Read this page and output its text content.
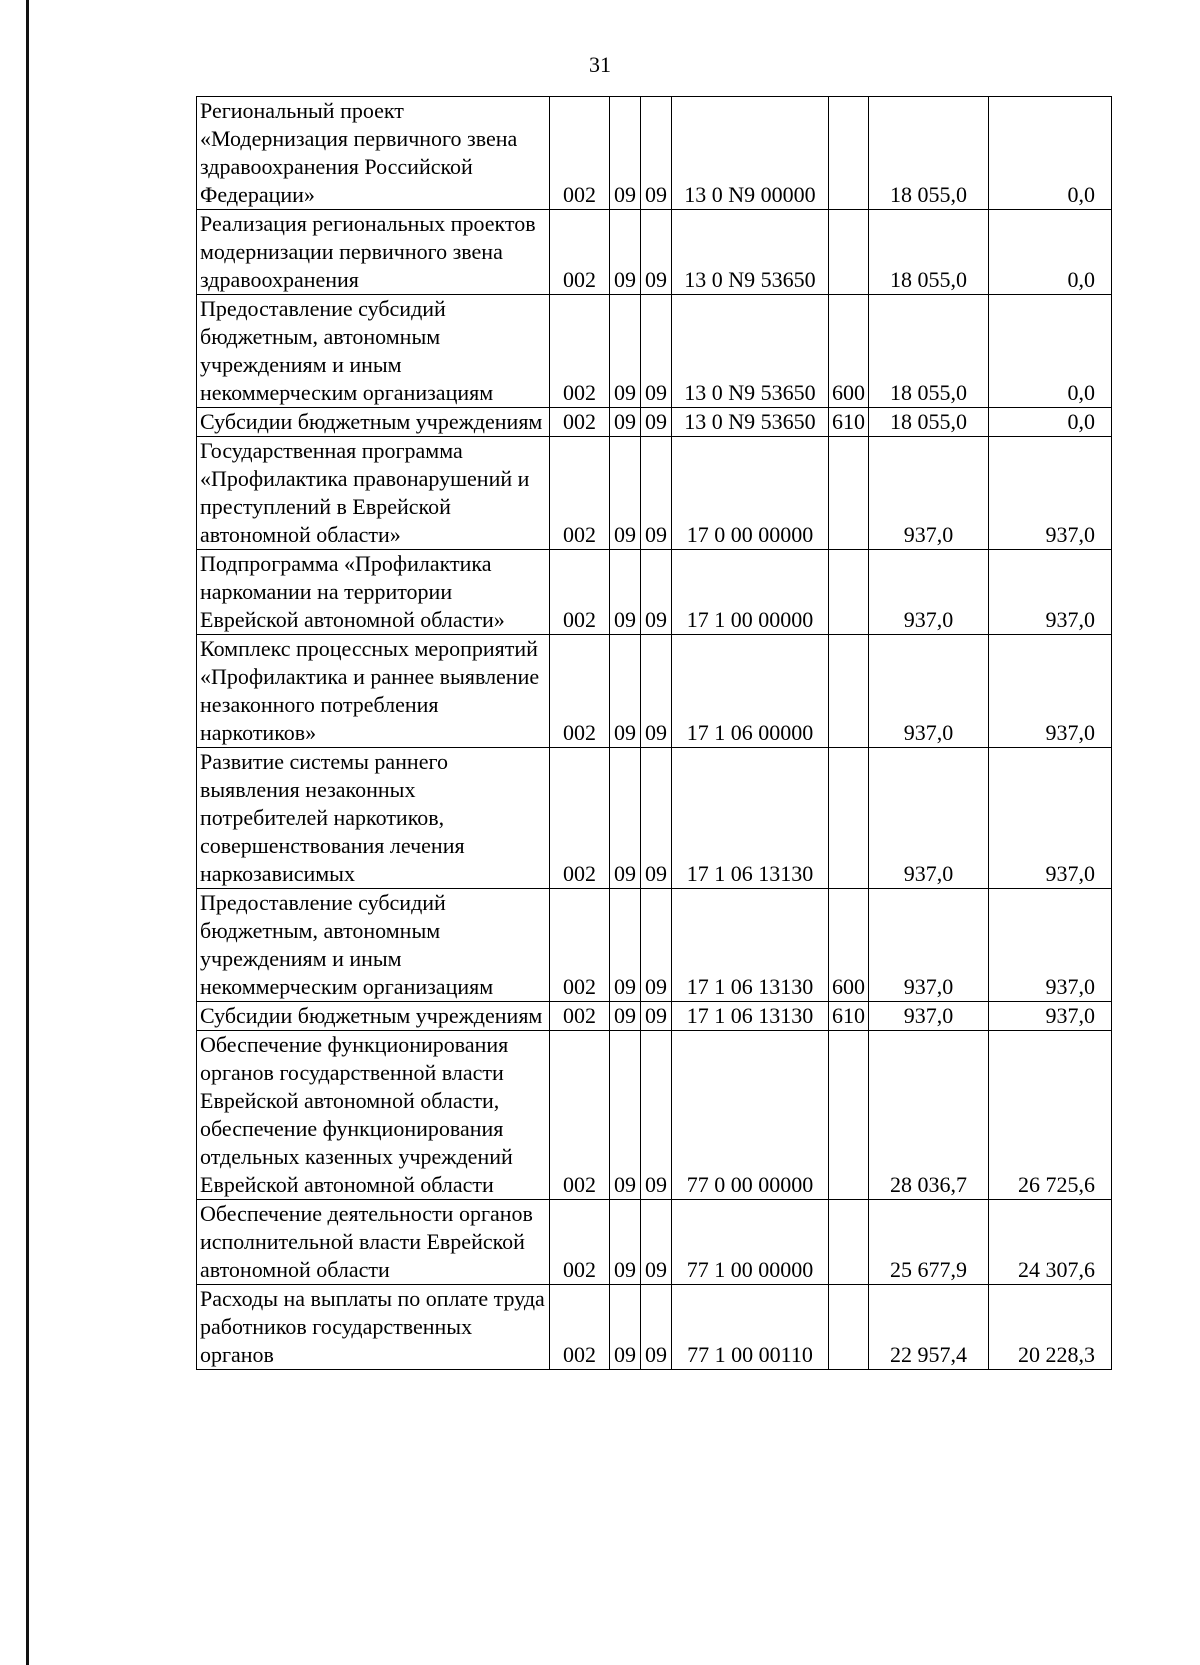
31
Региональный проект «Модернизация первичного звена здравоохранения Российской Федерации»	002	09	09	13 0 N9 00000		18 055,0	0,0
Реализация региональных проектов модернизации первичного звена здравоохранения	002	09	09	13 0 N9 53650		18 055,0	0,0
Предоставление субсидий бюджетным, автономным учреждениям и иным некоммерческим организациям	002	09	09	13 0 N9 53650	600	18 055,0	0,0
Субсидии бюджетным учреждениям	002	09	09	13 0 N9 53650	610	18 055,0	0,0
Государственная программа «Профилактика правонарушений и преступлений в Еврейской автономной области»	002	09	09	17 0 00 00000		937,0	937,0
Подпрограмма «Профилактика наркомании на территории Еврейской автономной области»	002	09	09	17 1 00 00000		937,0	937,0
Комплекс процессных мероприятий «Профилактика и раннее выявление незаконного потребления наркотиков»	002	09	09	17 1 06 00000		937,0	937,0
Развитие системы раннего выявления незаконных потребителей наркотиков, совершенствования лечения наркозависимых	002	09	09	17 1 06 13130		937,0	937,0
Предоставление субсидий бюджетным, автономным учреждениям и иным некоммерческим организациям	002	09	09	17 1 06 13130	600	937,0	937,0
Субсидии бюджетным учреждениям	002	09	09	17 1 06 13130	610	937,0	937,0
Обеспечение функционирования органов государственной власти Еврейской автономной области, обеспечение функционирования отдельных казенных учреждений Еврейской автономной области	002	09	09	77 0 00 00000		28 036,7	26 725,6
Обеспечение деятельности органов исполнительной власти Еврейской автономной области	002	09	09	77 1 00 00000		25 677,9	24 307,6
Расходы на выплаты по оплате труда работников государственных органов	002	09	09	77 1 00 00110		22 957,4	20 228,3
